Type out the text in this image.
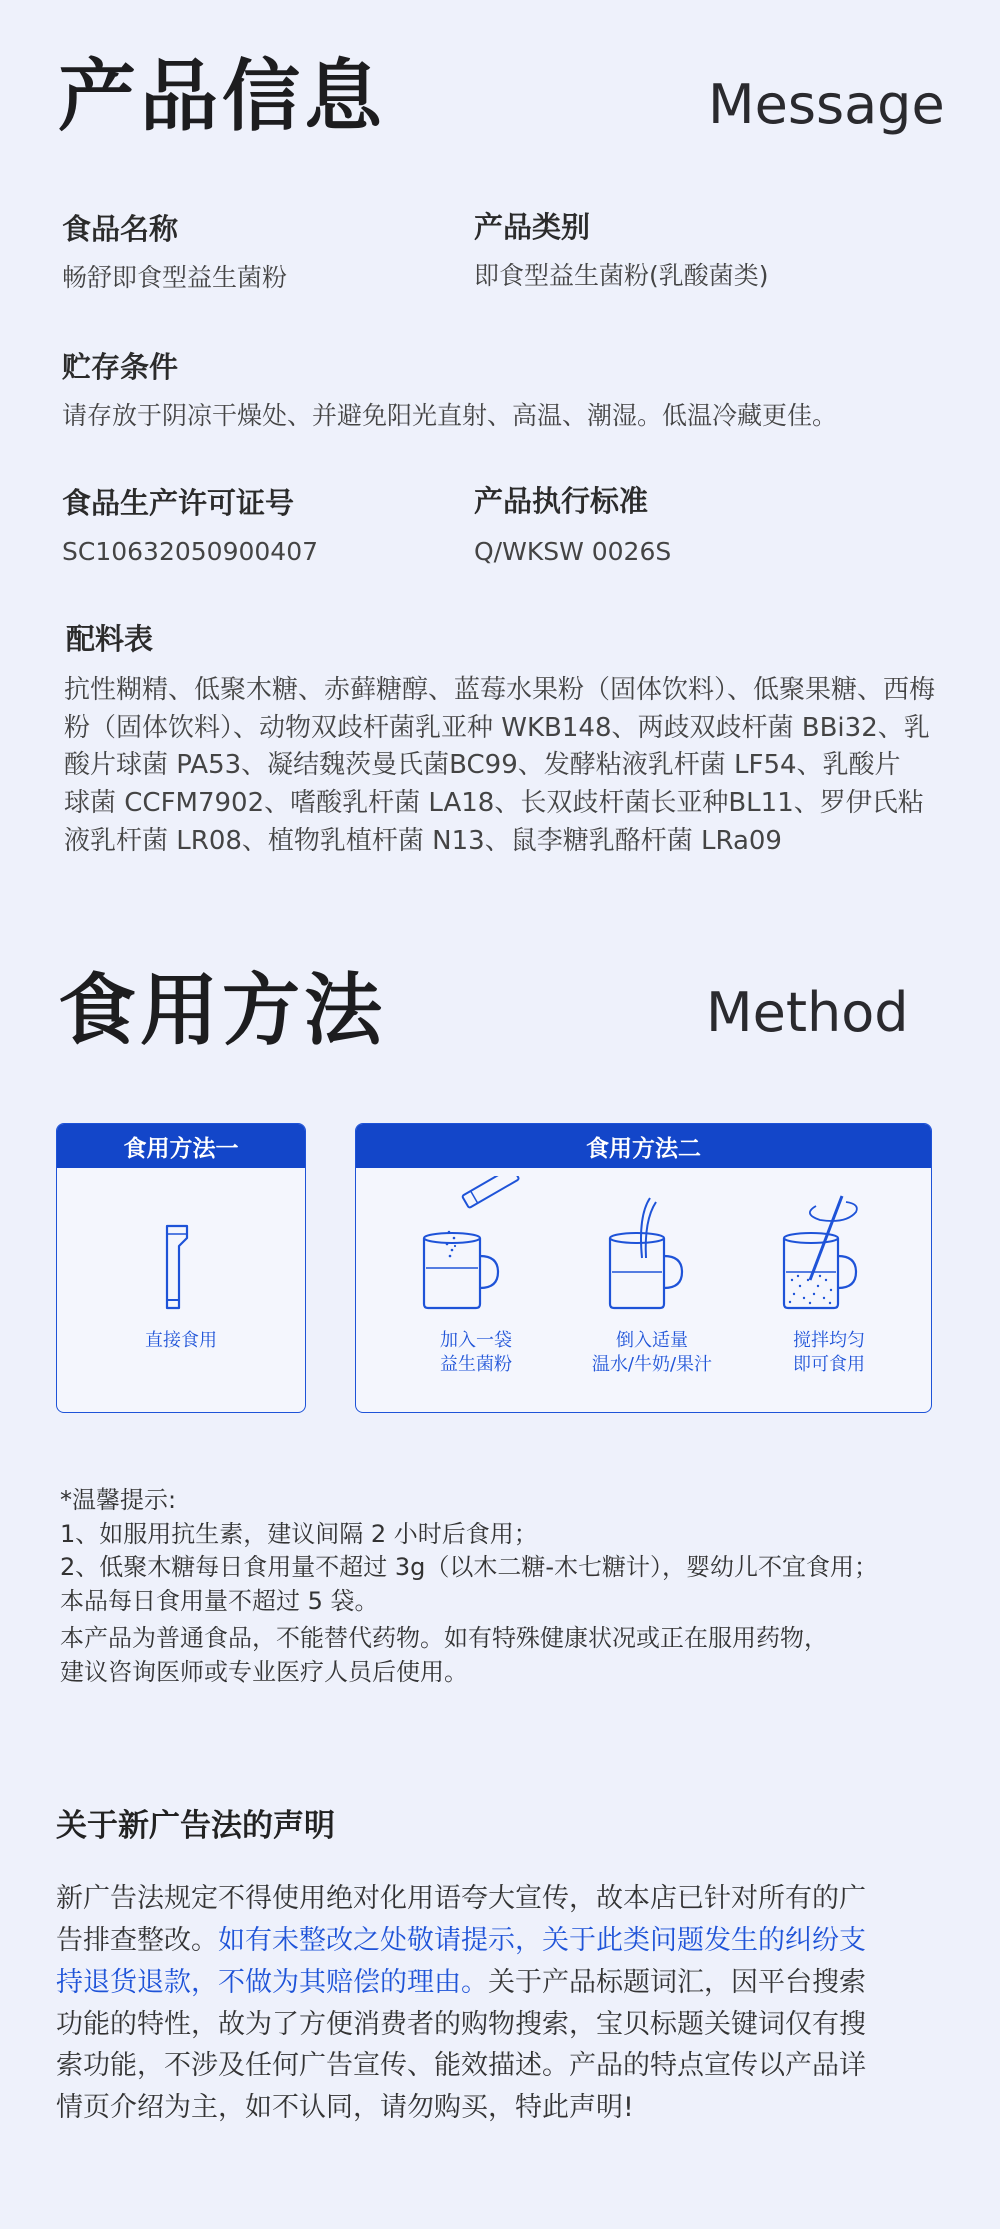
产品信息	Message
食品名称
畅舒即食型益生菌粉
产品类别
即食型益生菌粉(乳酸菌类)
贮存条件
请存放于阴凉干燥处、并避免阳光直射、高温、潮湿。低温冷藏更佳。
食品生产许可证号
SC10632050900407
产品执行标准
Q/WKSW 0026S
配料表
抗性糊精、低聚木糖、赤藓糖醇、蓝莓水果粉（固体饮料）、低聚果糖、西梅
粉（固体饮料）、动物双歧杆菌乳亚种 WKB148、两歧双歧杆菌 BBi32、乳
酸片球菌 PA53、凝结魏茨曼氏菌BC99、发酵粘液乳杆菌 LF54、乳酸片
球菌 CCFM7902、嗜酸乳杆菌 LA18、长双歧杆菌长亚种BL11、罗伊氏粘
液乳杆菌 LR08、植物乳植杆菌 N13、鼠李糖乳酪杆菌 LRa09
食用方法	Method
食用方法一
直接食用
食用方法二
加入一袋
益生菌粉
倒入适量
温水/牛奶/果汁
搅拌均匀
即可食用
*温馨提示:
1、如服用抗生素，建议间隔 2 小时后食用；
2、低聚木糖每日食用量不超过 3g（以木二糖-木七糖计），婴幼儿不宜食用；
本品每日食用量不超过 5 袋。
本产品为普通食品，不能替代药物。如有特殊健康状况或正在服用药物，
建议咨询医师或专业医疗人员后使用。
关于新广告法的声明
新广告法规定不得使用绝对化用语夸大宣传，故本店已针对所有的广
告排查整改。如有未整改之处敬请提示，关于此类问题发生的纠纷支
持退货退款，不做为其赔偿的理由。关于产品标题词汇，因平台搜索
功能的特性，故为了方便消费者的购物搜索，宝贝标题关键词仅有搜
索功能，不涉及任何广告宣传、能效描述。产品的特点宣传以产品详
情页介绍为主，如不认同，请勿购买，特此声明!
